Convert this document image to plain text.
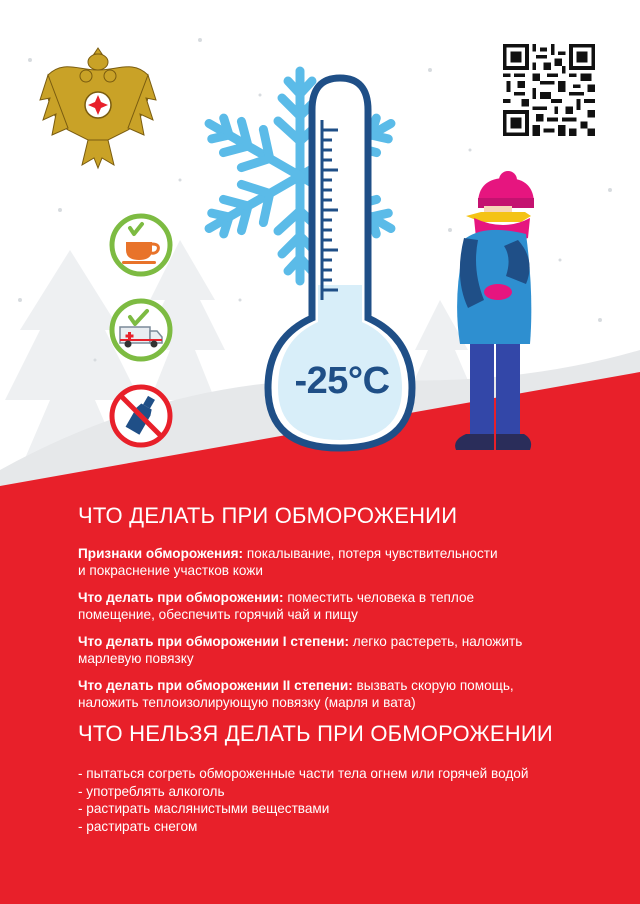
-25°C
ЧТО ДЕЛАТЬ ПРИ ОБМОРОЖЕНИИ

Признаки обморожения: покалывание, потеря чувствительности
и покраснение участков кожи

Что делать при обморожении: поместить человека в теплое
помещение, обеспечить горячий чай и пищу

Что делать при обморожении I степени: легко растереть, наложить
марлевую повязку

Что делать при обморожении II степени: вызвать скорую помощь,
наложить теплоизолирующую повязку (марля и вата)

ЧТО НЕЛЬЗЯ ДЕЛАТЬ ПРИ ОБМОРОЖЕНИИ
- пытаться согреть обмороженные части тела огнем или горячей водой
- употреблять алкоголь
- растирать маслянистыми веществами
- растирать снегом
